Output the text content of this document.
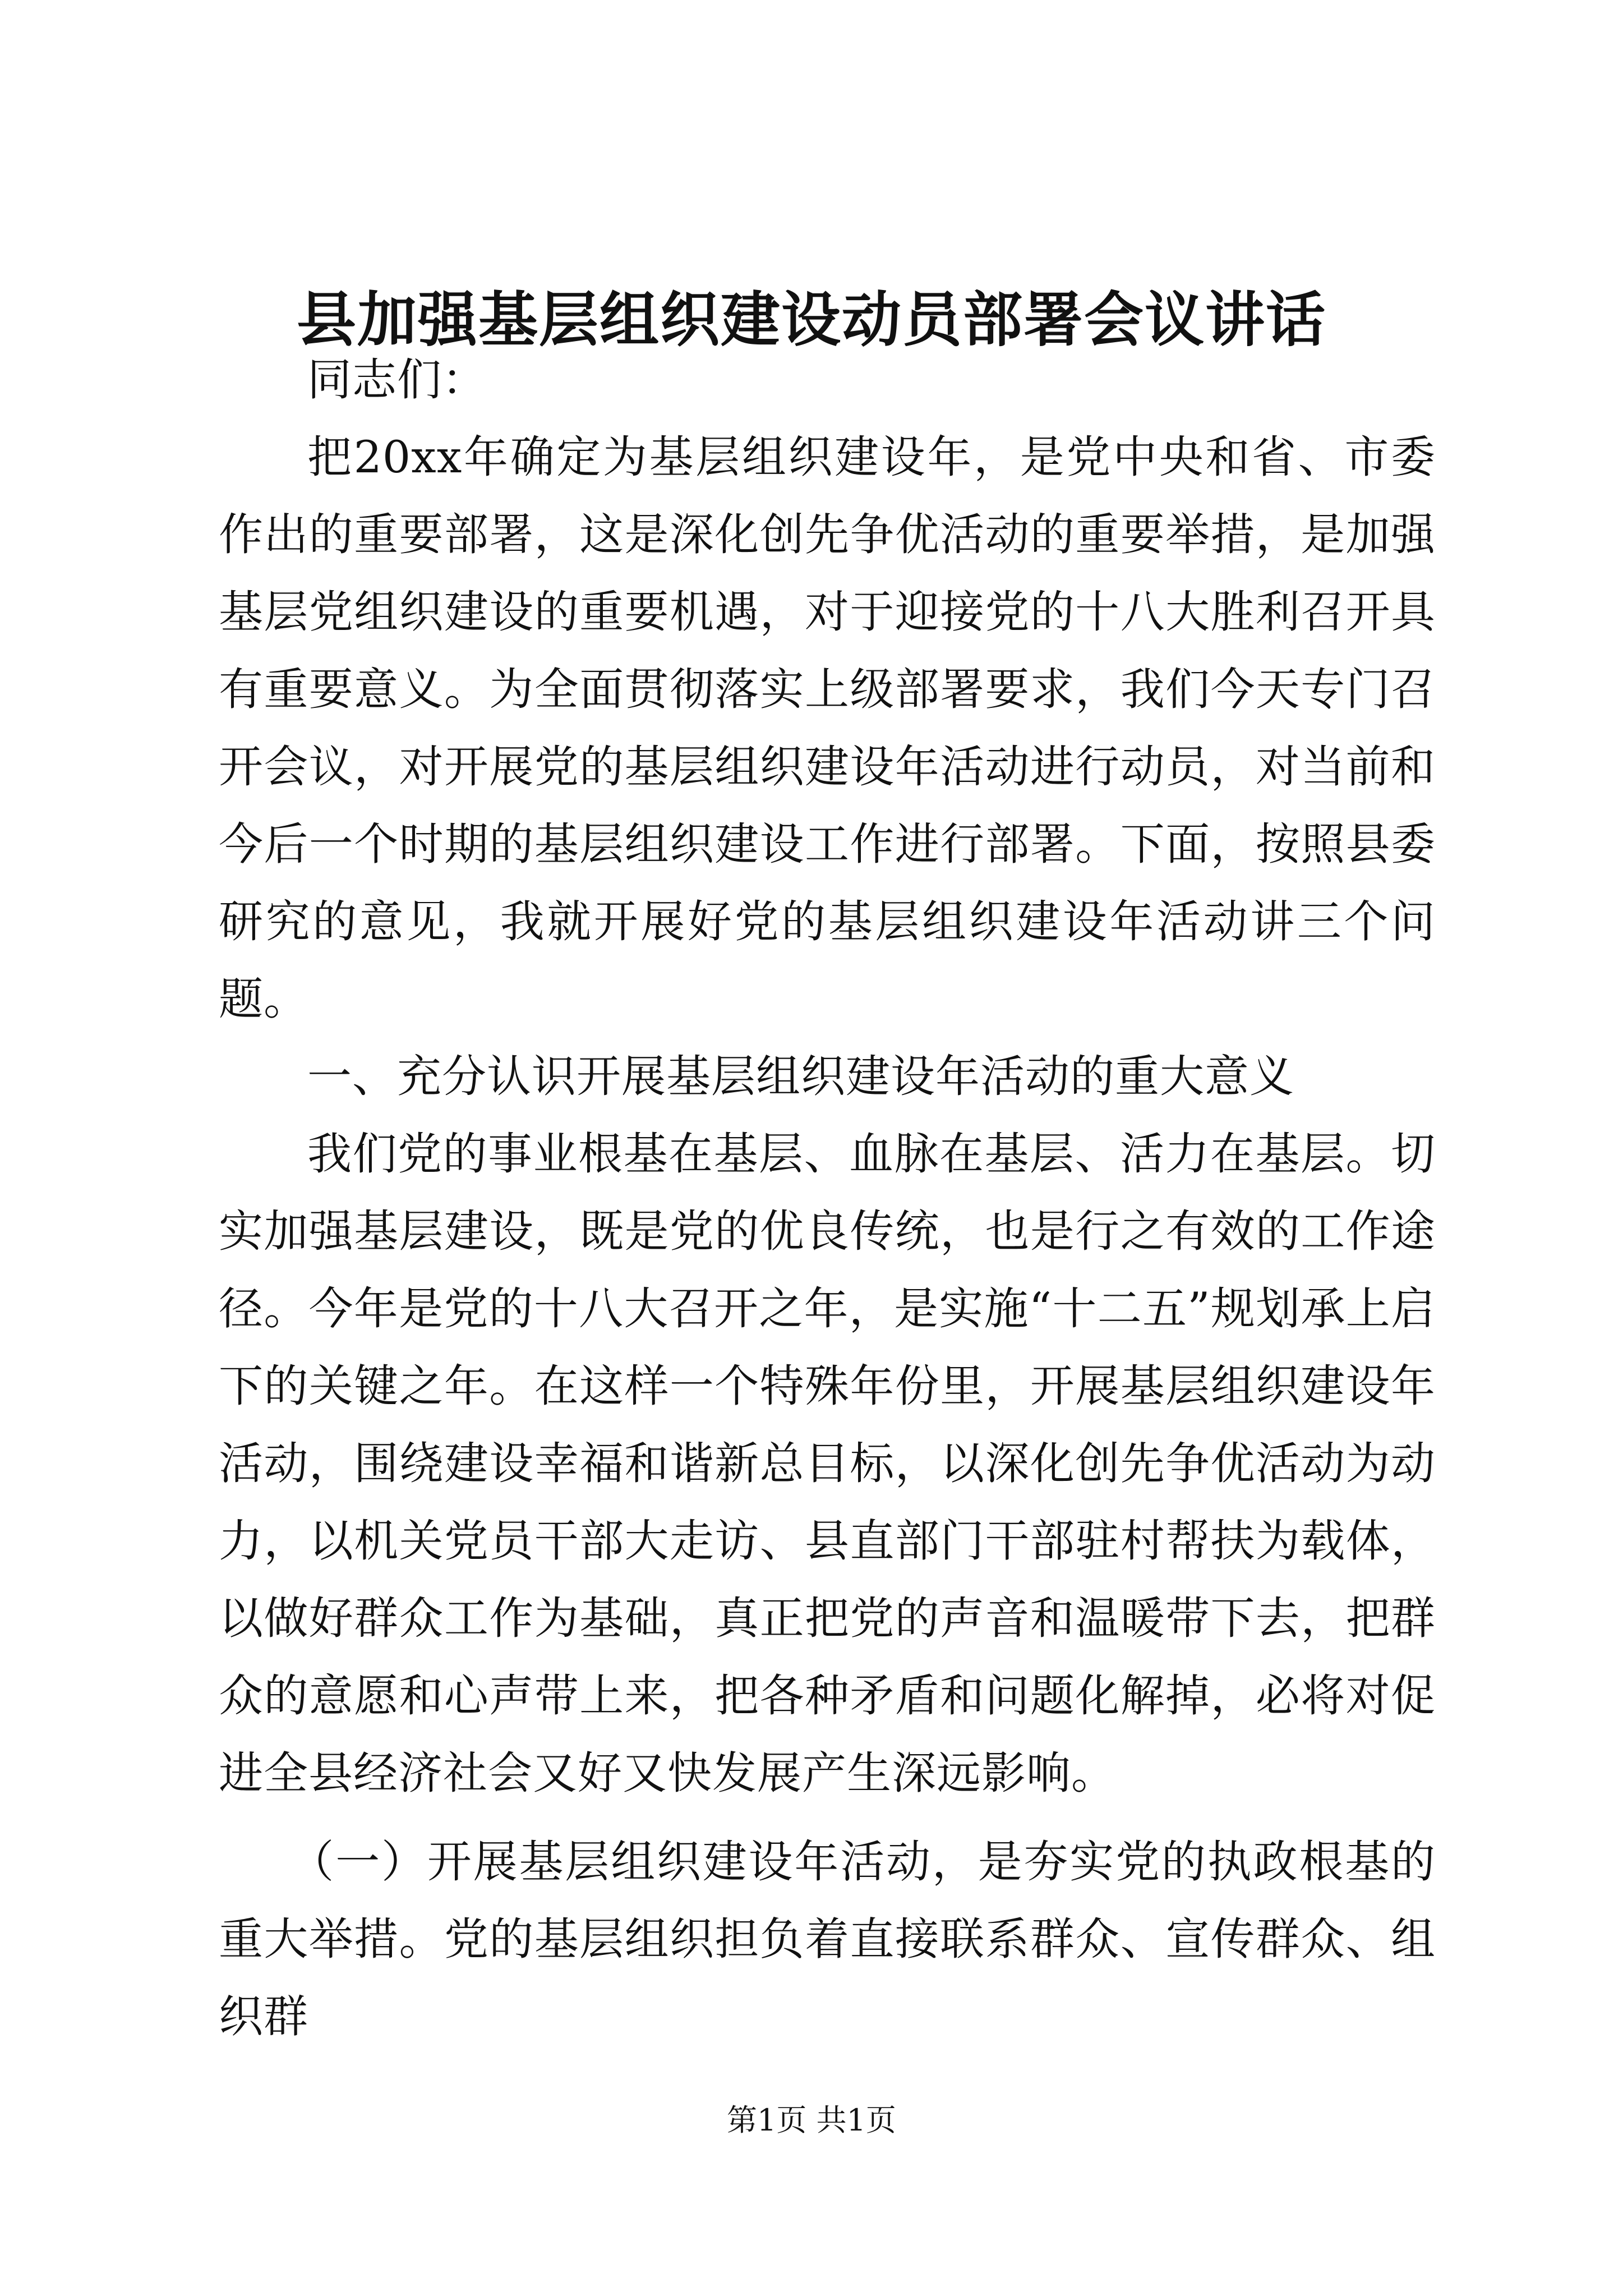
县加强基层组织建设动员部署会议讲话

同志们：

把20xx年确定为基层组织建设年，是党中央和省、市委作出的重要部署，这是深化创先争优活动的重要举措，是加强基层党组织建设的重要机遇，对于迎接党的十八大胜利召开具有重要意义。为全面贯彻落实上级部署要求，我们今天专门召开会议，对开展党的基层组织建设年活动进行动员，对当前和今后一个时期的基层组织建设工作进行部署。下面，按照县委研究的意见，我就开展好党的基层组织建设年活动讲三个问题。

一、充分认识开展基层组织建设年活动的重大意义

我们党的事业根基在基层、血脉在基层、活力在基层。切实加强基层建设，既是党的优良传统，也是行之有效的工作途径。今年是党的十八大召开之年，是实施“十二五”规划承上启下的关键之年。在这样一个特殊年份里，开展基层组织建设年活动，围绕建设幸福和谐新总目标，以深化创先争优活动为动力，以机关党员干部大走访、县直部门干部驻村帮扶为载体，以做好群众工作为基础，真正把党的声音和温暖带下去，把群众的意愿和心声带上来，把各种矛盾和问题化解掉，必将对促进全县经济社会又好又快发展产生深远影响。

（一）开展基层组织建设年活动，是夯实党的执政根基的重大举措。党的基层组织担负着直接联系群众、宣传群众、组织群

第1页 共1页
